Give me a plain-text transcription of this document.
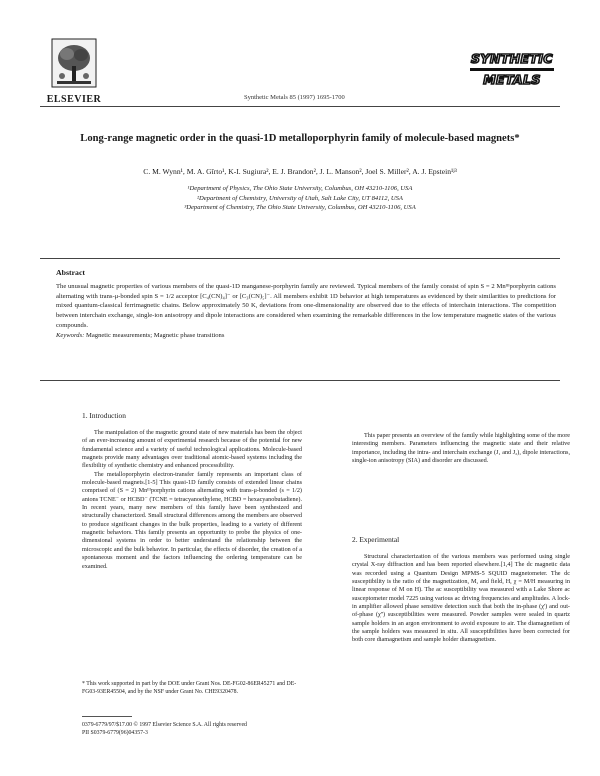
ELSEVIER	Synthetic Metals 85 (1997) 1695-1700
SYNTHETIC
METALS
Long-range magnetic order in the quasi-1D metalloporphyrin family of molecule-based magnets*
C. M. Wynn¹, M. A. Gîrto¹, K-I. Sugiura², E. J. Brandon², J. L. Manson², Joel S. Miller², A. J. Epstein¹ʲ³
¹Department of Physics, The Ohio State University, Columbus, OH 43210-1106, USA
²Department of Chemistry, University of Utah, Salt Lake City, UT 84112, USA
³Department of Chemistry, The Ohio State University, Columbus, OH 43210-1106, USA
Abstract
The unusual magnetic properties of various members of the quasi-1D manganese-porphyrin family are reviewed. Typical members of the family consist of spin S = 2 Mnᴵᴵᴵporphyrin cations alternating with trans-μ-bonded spin S = 1/2 acceptor [C₄(CN)₄]⁻ or [C₃(CN)₅]⁻. All members exhibit 1D behavior at high temperatures as evidenced by their similarities to predictions for mixed quantum-classical ferrimagnetic chains. Below approximately 50 K, deviations from one-dimensionality are observed due to the effects of interchain interactions. The competition between interchain exchange, single-ion anisotropy and dipole interactions are considered when examining the remarkable differences in the low temperature magnetic states of the various compounds.
Keywords: Magnetic measurements; Magnetic phase transitions
1. Introduction

The manipulation of the magnetic ground state of new materials has been the object of an ever-increasing amount of experimental research because of the potential for new fundamental science and a variety of useful technological applications. Molecule-based magnets provide many advantages over traditional atomic-based systems including the flexibility of synthetic chemistry and enhanced processibility.

The metalloporphyrin electron-transfer family represents an important class of molecule-based magnets.[1-5] This quasi-1D family consists of extended linear chains comprised of (S = 2) Mnᴵᴵᴵporphyrin cations alternating with trans-μ-bonded (s = 1/2) anions TCNE⁻ or HCBD⁻ (TCNE = tetracyanoethylene, HCBD = hexacyanobutadiene). In recent years, many new members of this family have been synthesized and structurally characterized. Small structural differences among the members are observed to produce significant changes in the bulk properties, leading to a variety of different magnetic behaviors. This family presents an opportunity to probe the physics of one-dimensional systems in order to better understand the relationship between the microscopic and the bulk behavior. In particular, the effects of disorder, the creation of a spontaneous moment and the factors influencing the ordering temperature can be examined.

This paper presents an overview of the family while highlighting some of the more interesting members. Parameters influencing the magnetic state and their relative importance, including the intra- and interchain exchange (J₁ and J₂), dipole interactions, single-ion anisotropy (SIA) and disorder are discussed.

2. Experimental

Structural characterization of the various members was performed using single crystal X-ray diffraction and has been reported elsewhere.[1,4] The dc magnetic data was recorded using a Quantum Design MPMS-5 SQUID magnetometer. The dc susceptibility is the ratio of the magnetization, M, and field, H, χ = M/H measuring in linear response of M on H). The ac susceptibility was measured with a Lake Shore ac susceptometer model 7225 using various ac driving frequencies and amplitudes. A lock-in amplifier allowed phase sensitive detection such that both the in-phase (χ') and out-of-phase (χ'') susceptibilities were measured. Powder samples were sealed in quartz sample holders in an argon environment to avoid exposure to air. The diamagnetism of the sample holders was measured in situ. All susceptibilities have been corrected for both core diamagnetism and sample holder diamagnetism.

* This work supported in part by the DOE under Grant Nos. DE-FG02-86ER45271 and DE-FG03-93ER45504, and by the NSF under Grant No. CHE9320478.
0379-6779/97/$17.00 © 1997 Elsevier Science S.A. All rights reserved
PII S0379-6779(96)04357-3
